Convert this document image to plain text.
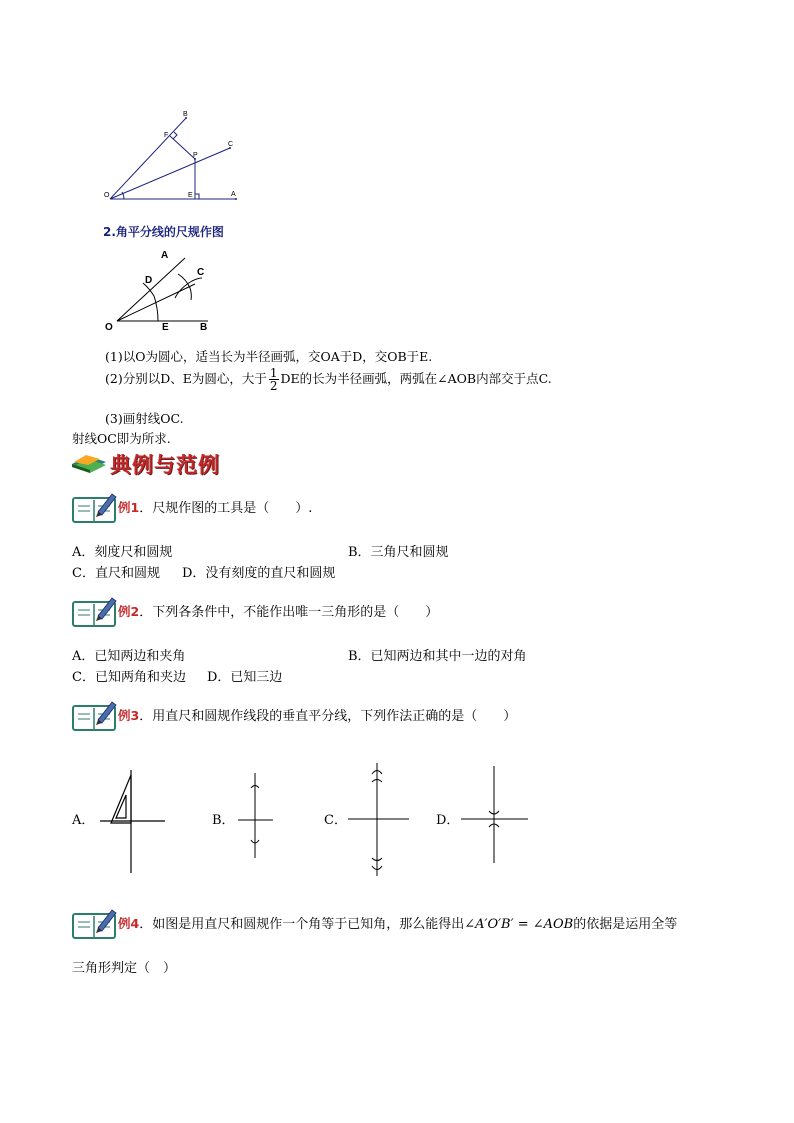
B
F
P
C
O	E	A
2.角平分线的尺规作图
A
D
C
O	E	B
(1)以O为圆心，适当长为半径画弧，交OA于D，交OB于E.
(2)分别以D、E为圆心，大于 $\frac{1}{2}$ DE的长为半径画弧，两弧在∠AOB内部交于点C.
(3)画射线OC.
射线OC即为所求.
典例与范例
例1．尺规作图的工具是（　　）.
A．刻度尺和圆规	B．三角尺和圆规
C．直尺和圆规 D．没有刻度的直尺和圆规
例2．下列各条件中，不能作出唯一三角形的是（　　）
A．已知两边和夹角	B．已知两边和其中一边的对角
C．已知两角和夹边 D．已知三边
例3．用直尺和圆规作线段的垂直平分线，下列作法正确的是（　　）
A．	B．	C．	D．
例4．如图是用直尺和圆规作一个角等于已知角，那么能得出∠A′O′B′ = ∠AOB的依据是运用全等
三角形判定（　）
